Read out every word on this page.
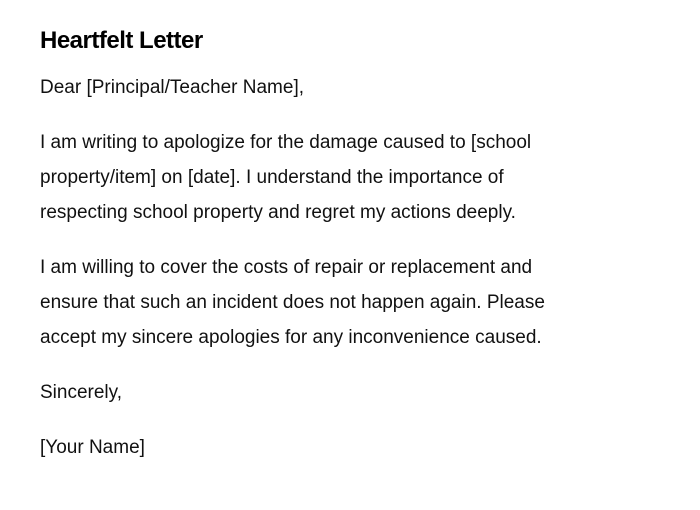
Heartfelt Letter

Dear [Principal/Teacher Name],

I am writing to apologize for the damage caused to [school
property/item] on [date]. I understand the importance of
respecting school property and regret my actions deeply.
I am willing to cover the costs of repair or replacement and
ensure that such an incident does not happen again. Please
accept my sincere apologies for any inconvenience caused.

Sincerely,

[Your Name]
